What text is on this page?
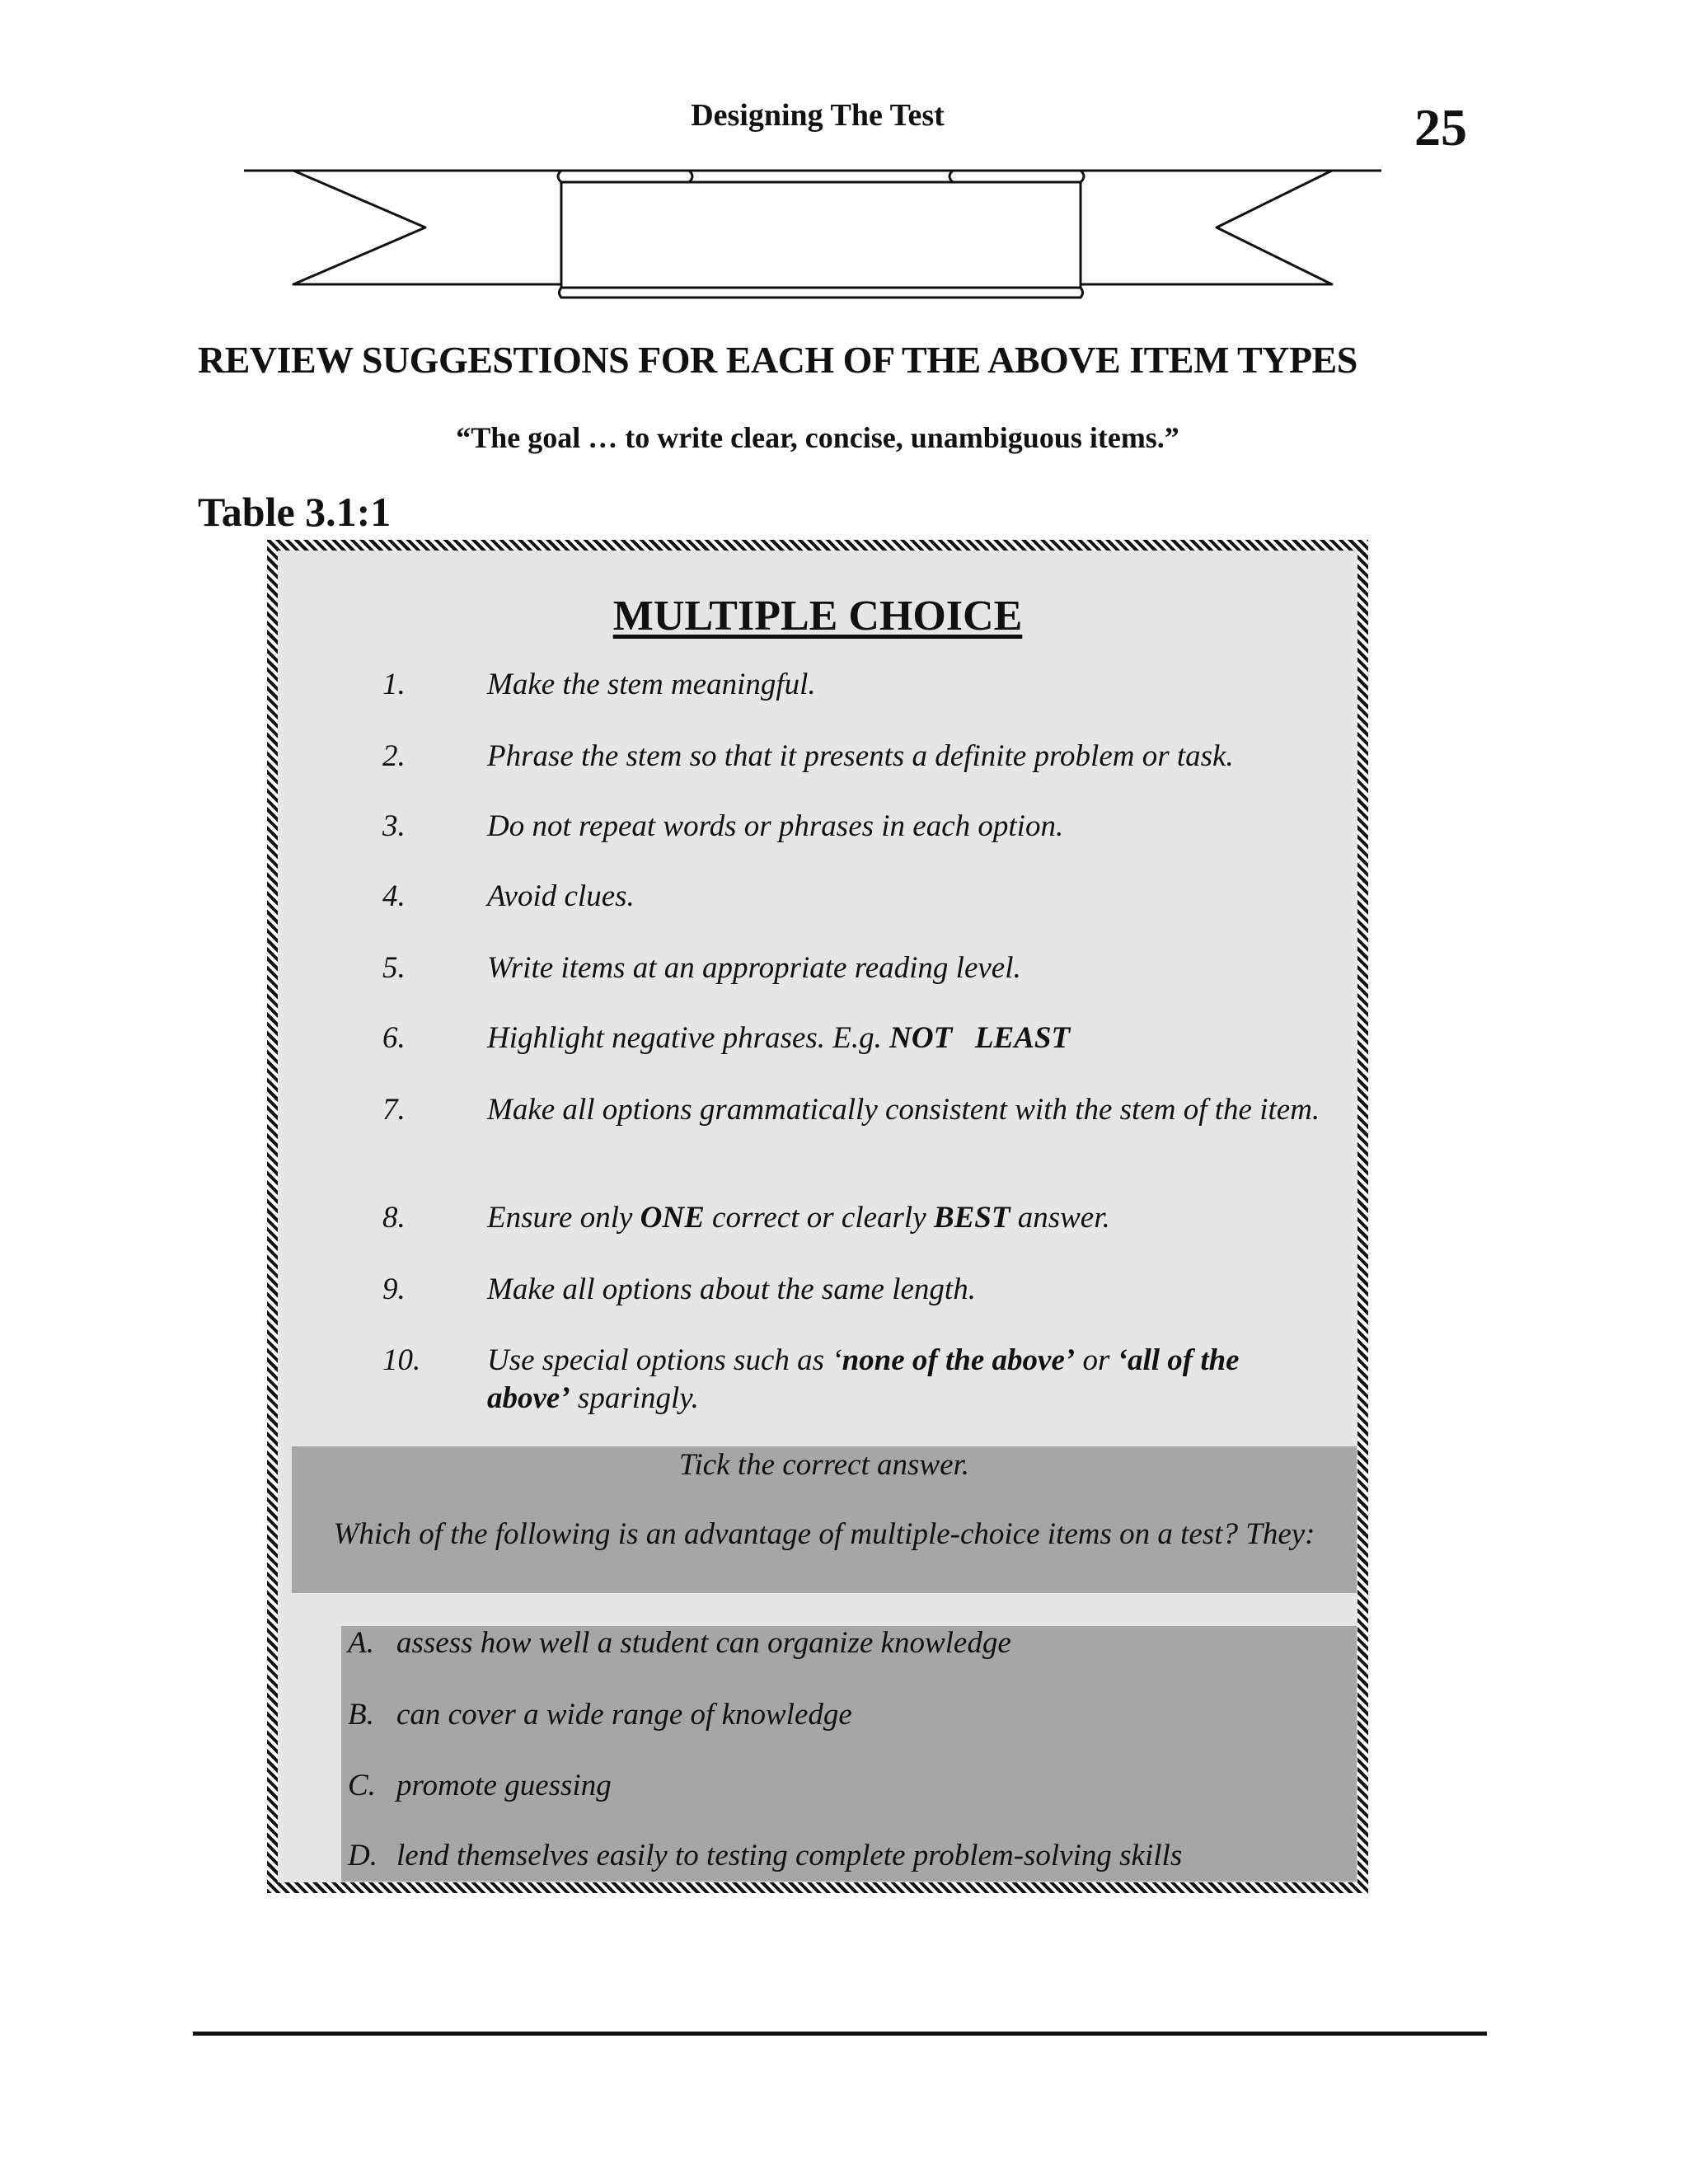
Designing The Test	25
REVIEW SUGGESTIONS FOR EACH OF THE ABOVE ITEM TYPES
“The goal … to write clear, concise, unambiguous items.”
Table 3.1:1
MULTIPLE CHOICE
1.	Make the stem meaningful.
2.	Phrase the stem so that it presents a definite problem or task.
3.	Do not repeat words or phrases in each option.
4.	Avoid clues.
5.	Write items at an appropriate reading level.
6.	Highlight negative phrases. E.g. NOT   LEAST
7.	Make all options grammatically consistent with the stem of the item.
8.	Ensure only ONE correct or clearly BEST answer.
9.	Make all options about the same length.
10. Use special options such as ‘none of the above’ or ‘all of the above’ sparingly.
Tick the correct answer.
Which of the following is an advantage of multiple-choice items on a test? They:
A. assess how well a student can organize knowledge
B. can cover a wide range of knowledge
C. promote guessing
D. lend themselves easily to testing complete problem-solving skills
